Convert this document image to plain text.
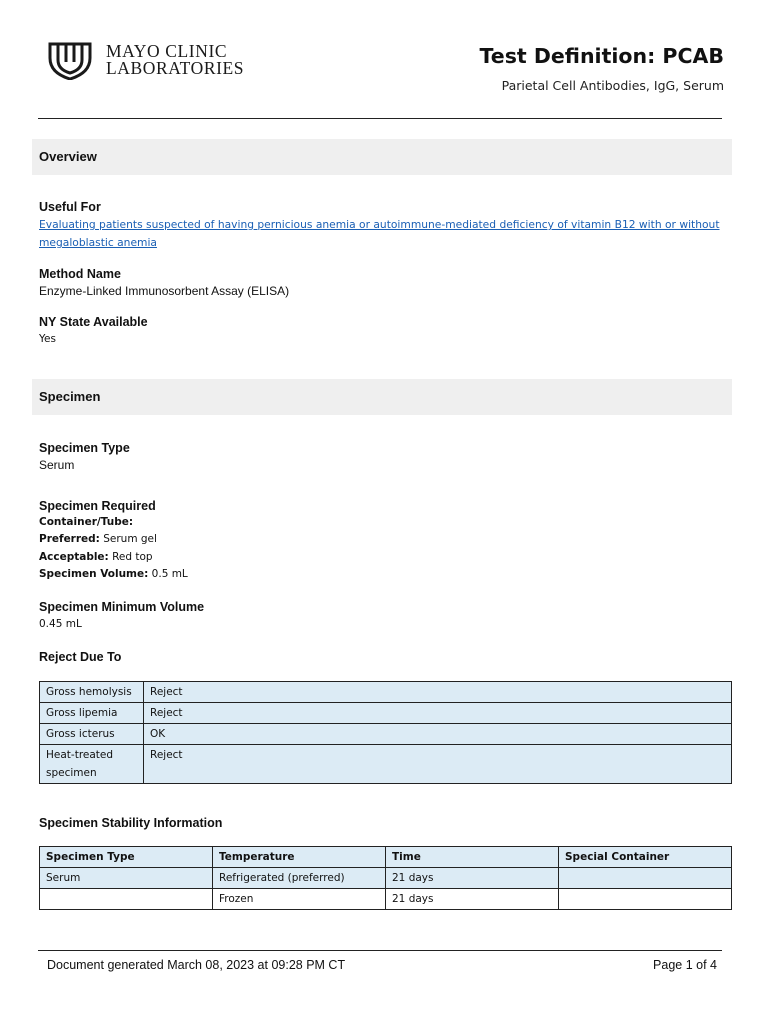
MAYO CLINIC
LABORATORIES	Test Definition: PCAB
Parietal Cell Antibodies, IgG, Serum
Overview
Useful For
Evaluating patients suspected of having pernicious anemia or autoimmune-mediated deficiency of vitamin B12 with or without megaloblastic anemia
Method Name
Enzyme-Linked Immunosorbent Assay (ELISA)
NY State Available
Yes
Specimen
Specimen Type
Serum
Specimen Required
Container/Tube:
Preferred: Serum gel
Acceptable: Red top
Specimen Volume: 0.5 mL
Specimen Minimum Volume
0.45 mL
Reject Due To
Gross hemolysis	Reject
Gross lipemia	Reject
Gross icterus	OK
Heat-treated specimen	Reject
Specimen Stability Information
Specimen Type	Temperature	Time	Special Container
Serum	Refrigerated (preferred)	21 days	
	Frozen	21 days	
Document generated March 08, 2023 at 09:28 PM CT	Page 1 of 4
